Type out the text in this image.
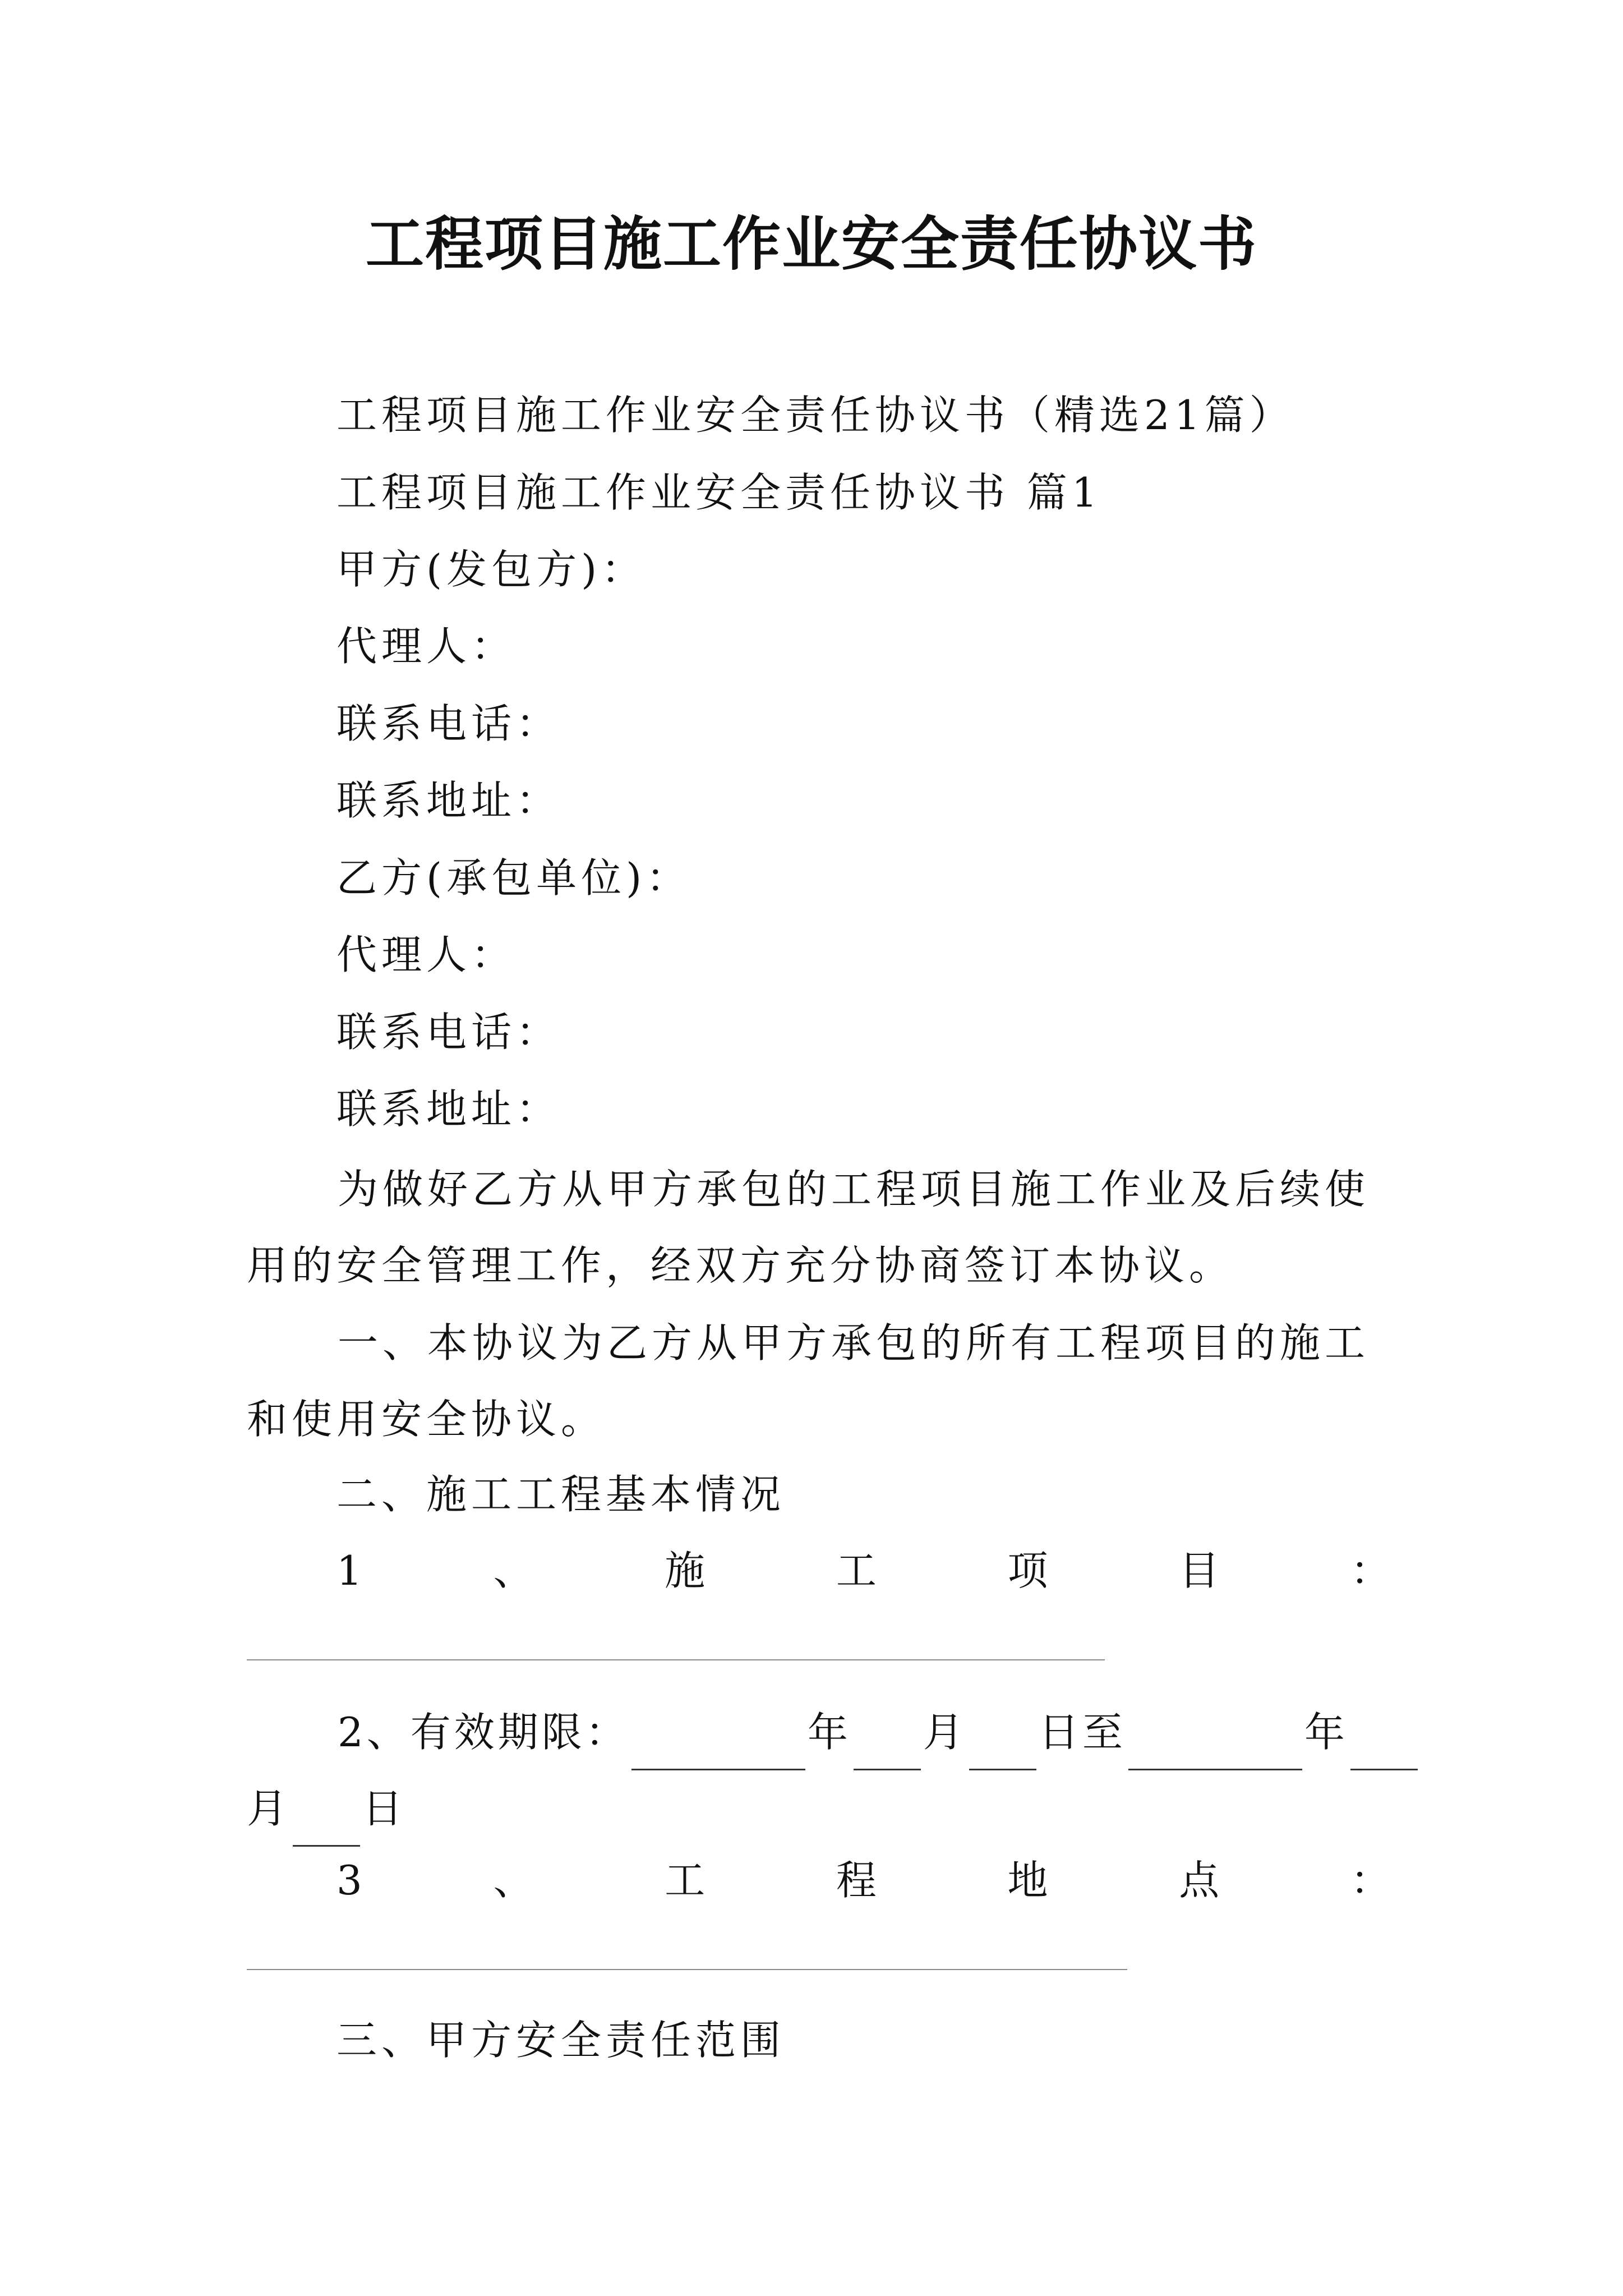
工程项目施工作业安全责任协议书
工程项目施工作业安全责任协议书（精选21篇）
工程项目施工作业安全责任协议书 篇1
甲方(发包方)：
代理人：
联系电话：
联系地址：
乙方(承包单位)：
代理人：
联系电话：
联系地址：
为做好乙方从甲方承包的工程项目施工作业及后续使用的安全管理工作，经双方充分协商签订本协议。
一、本协议为乙方从甲方承包的所有工程项目的施工和使用安全协议。
二、施工工程基本情况
1	、	施	工	项	目	：
2、有效期限：	年 月 日至	年
月 日
3	、	工	程	地	点	：
三、甲方安全责任范围
